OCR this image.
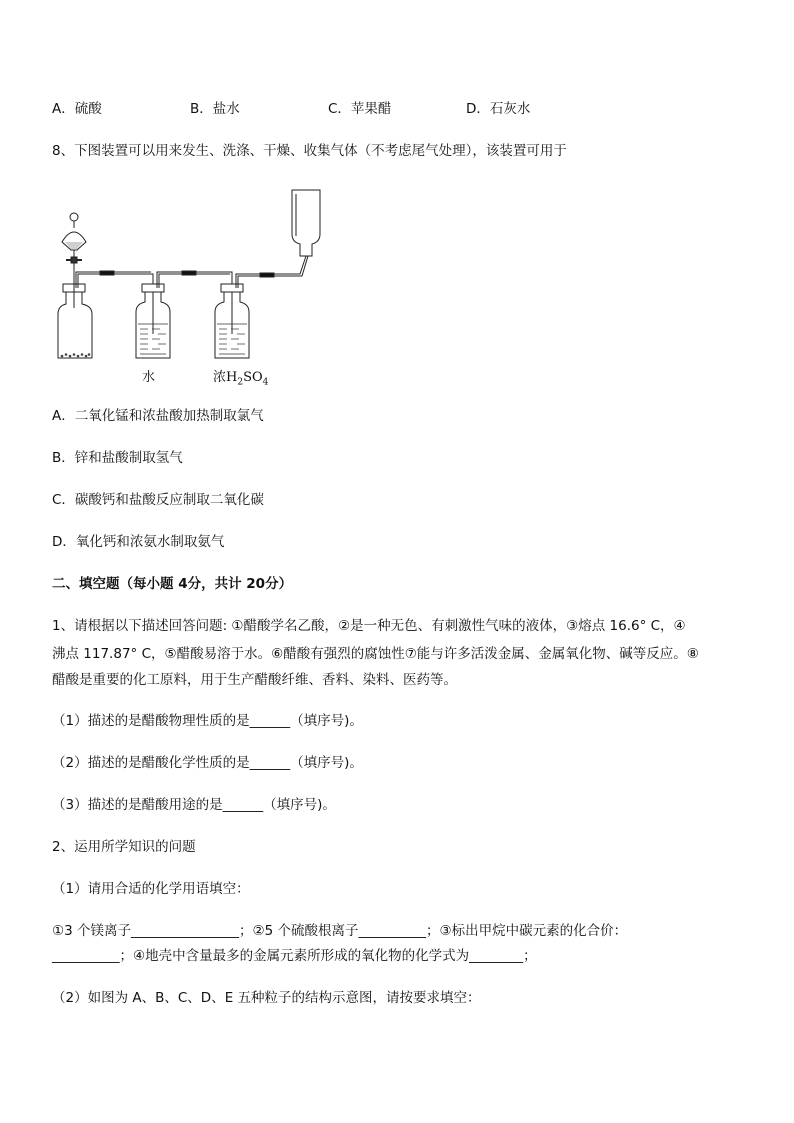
A．硫酸	B．盐水	C．苹果醋	D．石灰水
8、下图装置可以用来发生、洗涤、干燥、收集气体（不考虑尾气处理），该装置可用于
水	浓$H_2SO_4$
A．二氧化锰和浓盐酸加热制取氯气
B．锌和盐酸制取氢气
C．碳酸钙和盐酸反应制取二氧化碳
D．氧化钙和浓氨水制取氨气
二、填空题（每小题 4分，共计 20分）
1、请根据以下描述回答问题: ①醋酸学名乙酸，②是一种无色、有刺激性气味的液体，③熔点 16.6° C，④
沸点 117.87° C，⑤醋酸易溶于水。⑥醋酸有强烈的腐蚀性⑦能与许多活泼金属、金属氧化物、碱等反应。⑧
醋酸是重要的化工原料，用于生产醋酸纤维、香料、染料、医药等。
（1）描述的是醋酸物理性质的是______（填序号)。
（2）描述的是醋酸化学性质的是______（填序号)。
（3）描述的是醋酸用途的是______（填序号)。
2、运用所学知识的问题
（1）请用合适的化学用语填空：
①3 个镁离子________________；②5 个硫酸根离子__________；③标出甲烷中碳元素的化合价：
__________；④地壳中含量最多的金属元素所形成的氧化物的化学式为________；
（2）如图为 A、B、C、D、E 五种粒子的结构示意图，请按要求填空：
